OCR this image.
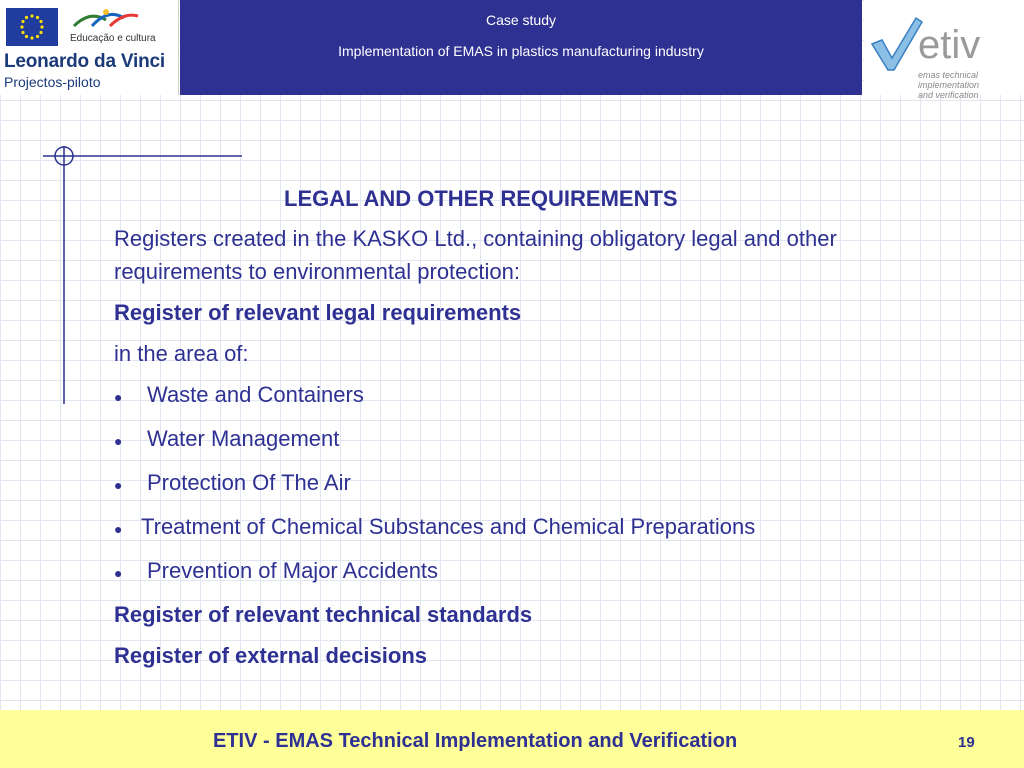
Educação e cultura
Leonardo da Vinci
Projectos-piloto
Case study
Implementation of EMAS in plastics manufacturing industry	etiv
emas technical implementation
and verification
LEGAL AND OTHER REQUIREMENTS
Registers created in the KASKO Ltd., containing obligatory legal and other requirements to environmental protection:
Register of relevant legal requirements
in the area of:
●	Waste and Containers
●	Water Management
●	Protection Of The Air
● Treatment of Chemical Substances and Chemical Preparations
●	Prevention of Major Accidents
Register of relevant technical standards
Register of external decisions
ETIV - EMAS Technical Implementation and Verification	19
